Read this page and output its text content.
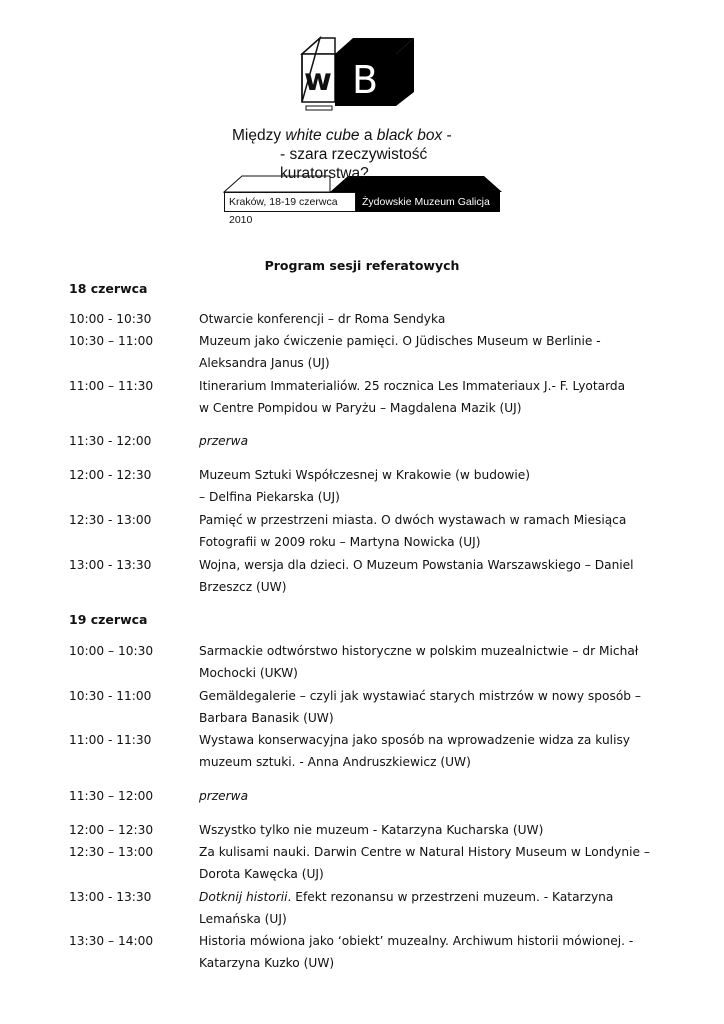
w B
Między white cube a black box -
- szara rzeczywistość kuratorstwa?
Kraków, 18-19 czerwca 2010
Żydowskie Muzeum Galicja
Program sesji referatowych
18 czerwca
10:00 - 10:30	Otwarcie konferencji – dr Roma Sendyka
10:30 – 11:00	Muzeum jako ćwiczenie pamięci. O Jüdisches Museum w Berlinie -
Aleksandra Janus (UJ)
11:00 – 11:30	Itinerarium Immaterialiów. 25 rocznica Les Immateriaux J.- F. Lyotarda
w Centre Pompidou w Paryżu – Magdalena Mazik (UJ)
11:30 - 12:00	przerwa
12:00 - 12:30	Muzeum Sztuki Współczesnej w Krakowie (w budowie)
– Delfina Piekarska (UJ)
12:30 - 13:00	Pamięć w przestrzeni miasta. O dwóch wystawach w ramach Miesiąca
Fotografii w 2009 roku – Martyna Nowicka (UJ)
13:00 - 13:30	Wojna, wersja dla dzieci. O Muzeum Powstania Warszawskiego – Daniel
Brzeszcz (UW)
19 czerwca
10:00 – 10:30	Sarmackie odtwórstwo historyczne w polskim muzealnictwie – dr Michał
Mochocki (UKW)
10:30 - 11:00	Gemäldegalerie – czyli jak wystawiać starych mistrzów w nowy sposób –
Barbara Banasik (UW)
11:00 - 11:30	Wystawa konserwacyjna jako sposób na wprowadzenie widza za kulisy
muzeum sztuki. - Anna Andruszkiewicz (UW)
11:30 – 12:00	przerwa
12:00 – 12:30	Wszystko tylko nie muzeum - Katarzyna Kucharska (UW)
12:30 – 13:00	Za kulisami nauki. Darwin Centre w Natural History Museum w Londynie –
Dorota Kawęcka (UJ)
13:00 - 13:30	Dotknij historii. Efekt rezonansu w przestrzeni muzeum. - Katarzyna
Lemańska (UJ)
13:30 – 14:00	Historia mówiona jako ‘obiekt’ muzealny. Archiwum historii mówionej. -
Katarzyna Kuzko (UW)
